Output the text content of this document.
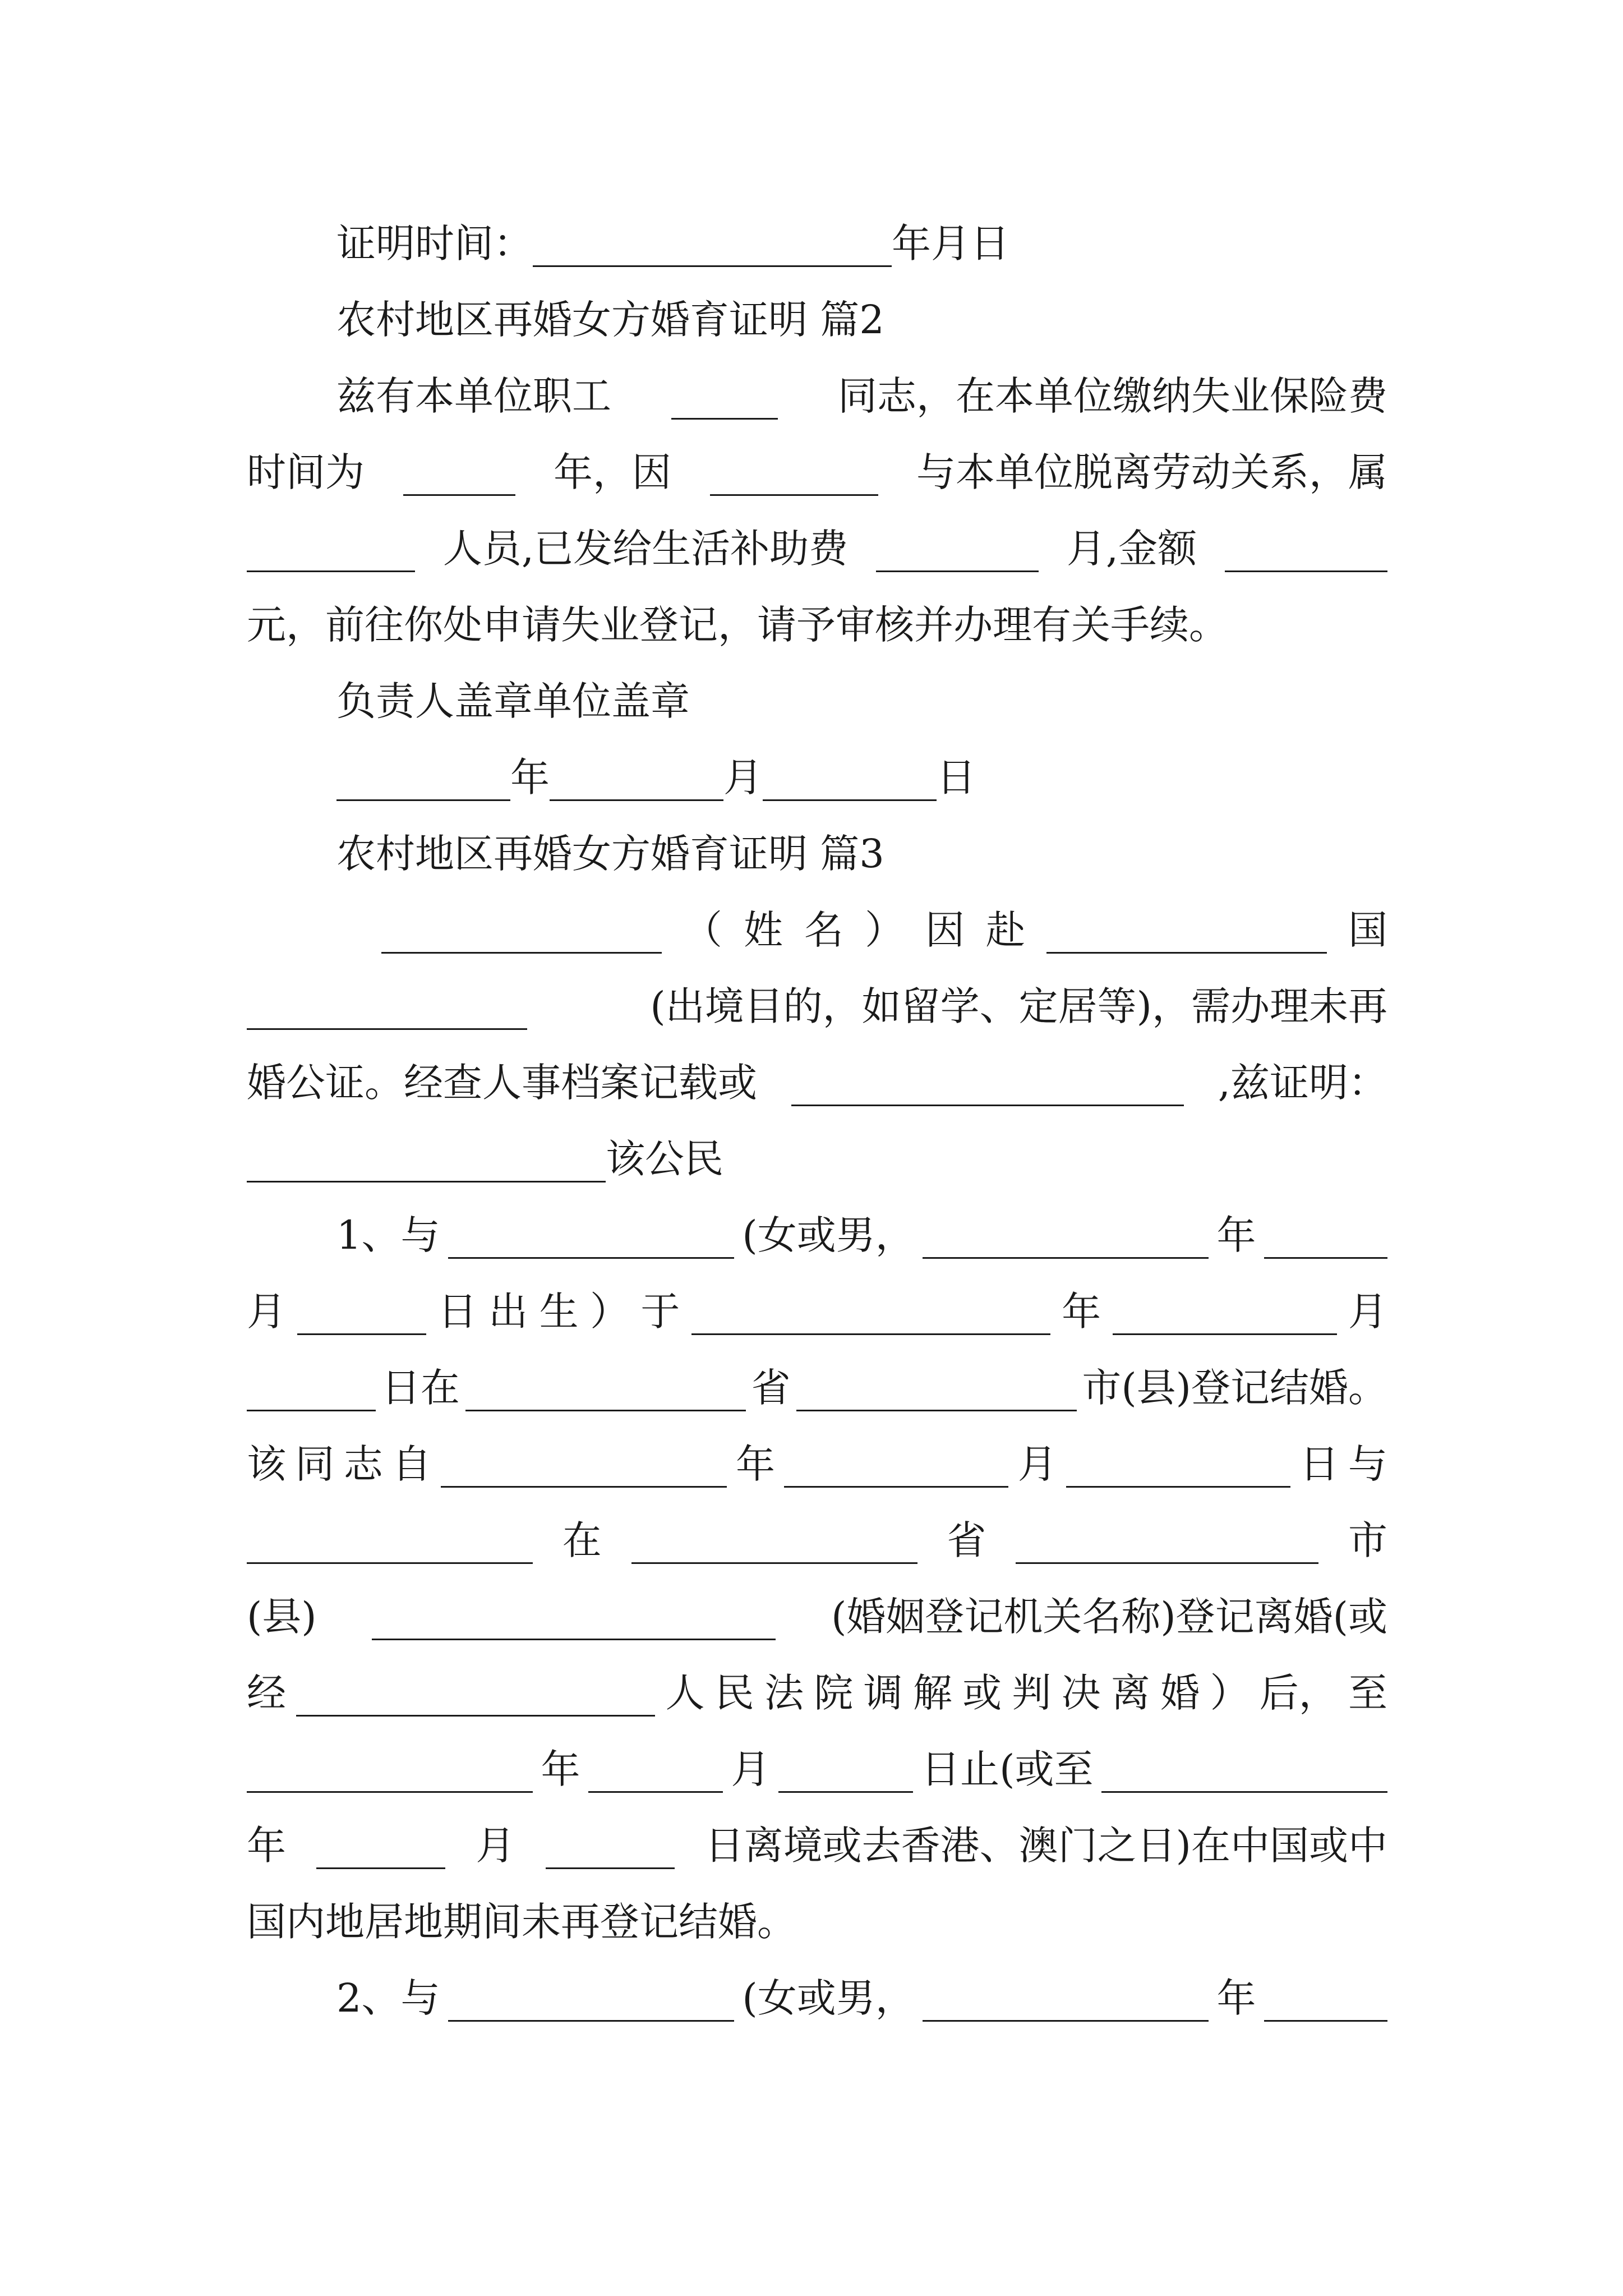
证明时间：	年月日
农村地区再婚女方婚育证明 篇2
兹有本单位职工	同志，在本单位缴纳失业保险费
时间为	年，因	与本单位脱离劳动关系，属
人员,已发给生活补助费	月,金额
元，前往你处申请失业登记，请予审核并办理有关手续。
负责人盖章单位盖章
年	月	日
农村地区再婚女方婚育证明 篇3
（ 姓 名 ） 因 赴	国
(出境目的，如留学、定居等)，需办理未再
婚公证。经查人事档案记载或	,兹证明：
该公民
1、与	(女或男，	年
月	日 出 生 ） 于	年	月
日在	省	市(县)登记结婚。
该 同 志 自	年	月	日 与
在	省	市
(县)	(婚姻登记机关名称)登记离婚(或
经	人 民 法 院 调 解 或 判 决 离 婚 ） 后， 至
年	月	日止(或至
年	月	日离境或去香港、澳门之日)在中国或中
国内地居地期间未再登记结婚。
2、与	(女或男，	年
